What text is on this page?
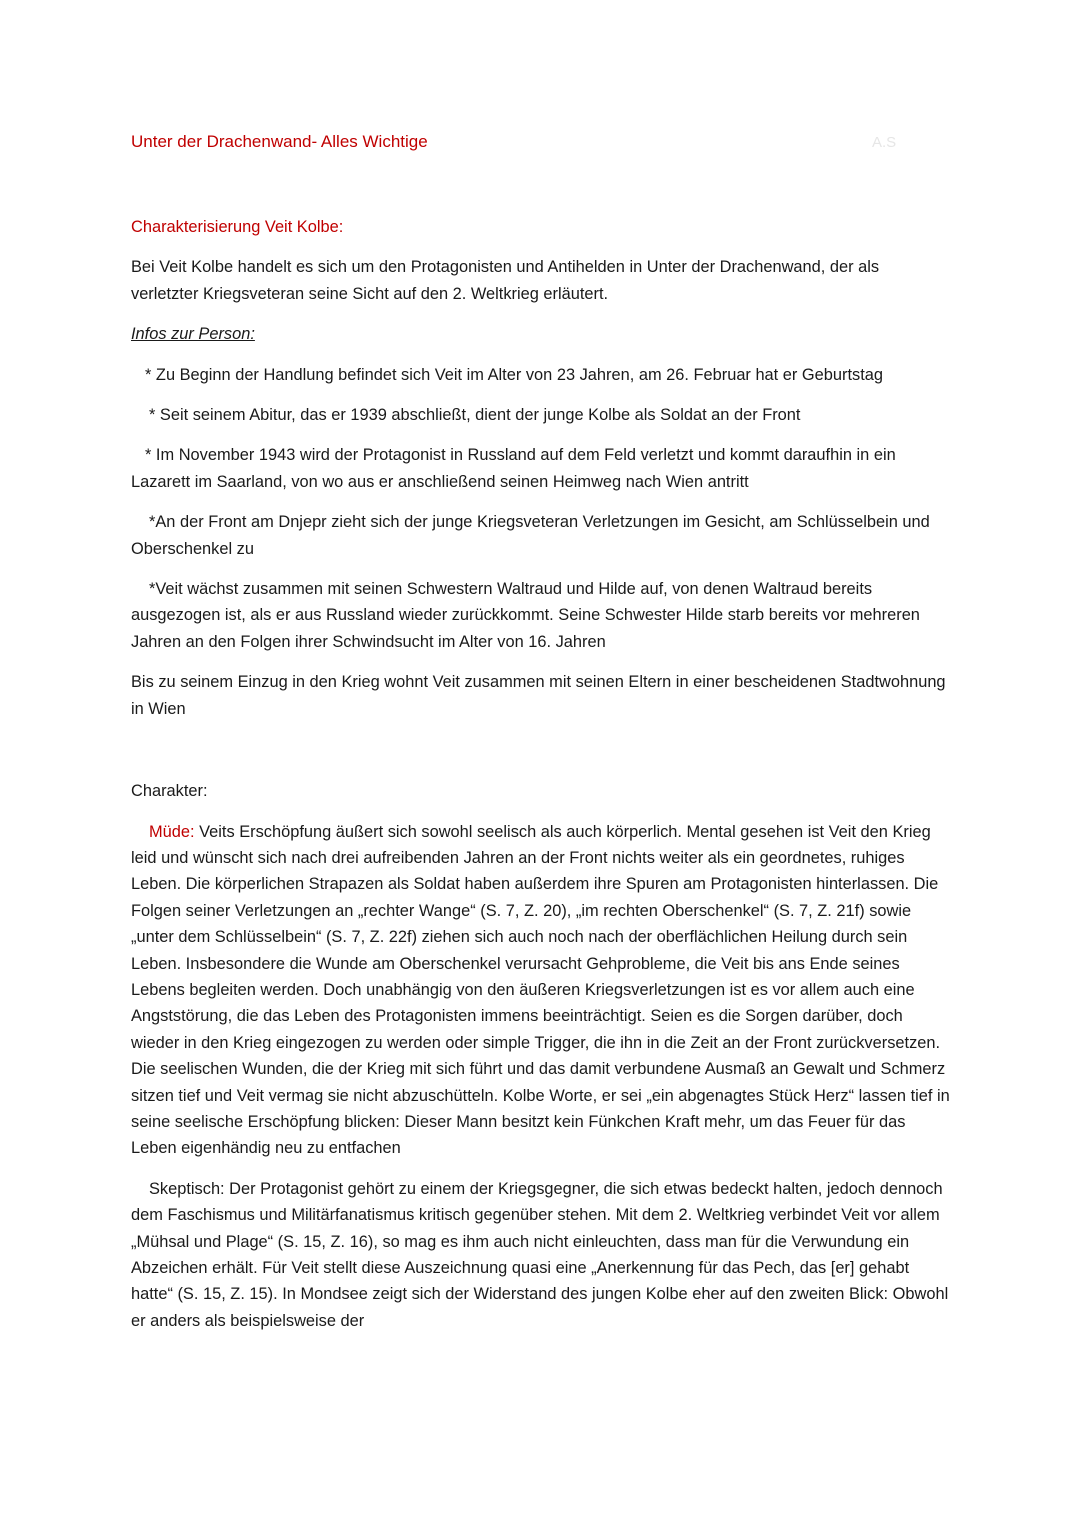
Unter der Drachenwand- Alles Wichtige	A.S

Charakterisierung Veit Kolbe:

Bei Veit Kolbe handelt es sich um den Protagonisten und Antihelden in Unter der Drachenwand, der als verletzter Kriegsveteran seine Sicht auf den 2. Weltkrieg erläutert.

Infos zur Person:

* Zu Beginn der Handlung befindet sich Veit im Alter von 23 Jahren, am 26. Februar hat er Geburtstag

* Seit seinem Abitur, das er 1939 abschließt, dient der junge Kolbe als Soldat an der Front

* Im November 1943 wird der Protagonist in Russland auf dem Feld verletzt und kommt daraufhin in ein Lazarett im Saarland, von wo aus er anschließend seinen Heimweg nach Wien antritt

*An der Front am Dnjepr zieht sich der junge Kriegsveteran Verletzungen im Gesicht, am Schlüsselbein und Oberschenkel zu

*Veit wächst zusammen mit seinen Schwestern Waltraud und Hilde auf, von denen Waltraud bereits ausgezogen ist, als er aus Russland wieder zurückkommt. Seine Schwester Hilde starb bereits vor mehreren Jahren an den Folgen ihrer Schwindsucht im Alter von 16. Jahren

Bis zu seinem Einzug in den Krieg wohnt Veit zusammen mit seinen Eltern in einer bescheidenen Stadtwohnung in Wien

Charakter:

Müde: Veits Erschöpfung äußert sich sowohl seelisch als auch körperlich. Mental gesehen ist Veit den Krieg leid und wünscht sich nach drei aufreibenden Jahren an der Front nichts weiter als ein geordnetes, ruhiges Leben. Die körperlichen Strapazen als Soldat haben außerdem ihre Spuren am Protagonisten hinterlassen. Die Folgen seiner Verletzungen an „rechter Wange“ (S. 7, Z. 20), „im rechten Oberschenkel“ (S. 7, Z. 21f) sowie „unter dem Schlüsselbein“ (S. 7, Z. 22f) ziehen sich auch noch nach der oberflächlichen Heilung durch sein Leben. Insbesondere die Wunde am Oberschenkel verursacht Gehprobleme, die Veit bis ans Ende seines Lebens begleiten werden. Doch unabhängig von den äußeren Kriegsverletzungen ist es vor allem auch eine Angststörung, die das Leben des Protagonisten immens beeinträchtigt. Seien es die Sorgen darüber, doch wieder in den Krieg eingezogen zu werden oder simple Trigger, die ihn in die Zeit an der Front zurückversetzen. Die seelischen Wunden, die der Krieg mit sich führt und das damit verbundene Ausmaß an Gewalt und Schmerz sitzen tief und Veit vermag sie nicht abzuschütteln. Kolbe Worte, er sei „ein abgenagtes Stück Herz“ lassen tief in seine seelische Erschöpfung blicken: Dieser Mann besitzt kein Fünkchen Kraft mehr, um das Feuer für das Leben eigenhändig neu zu entfachen

Skeptisch: Der Protagonist gehört zu einem der Kriegsgegner, die sich etwas bedeckt halten, jedoch dennoch dem Faschismus und Militärfanatismus kritisch gegenüber stehen. Mit dem 2. Weltkrieg verbindet Veit vor allem „Mühsal und Plage“ (S. 15, Z. 16), so mag es ihm auch nicht einleuchten, dass man für die Verwundung ein Abzeichen erhält. Für Veit stellt diese Auszeichnung quasi eine „Anerkennung für das Pech, das [er] gehabt hatte“ (S. 15, Z. 15). In Mondsee zeigt sich der Widerstand des jungen Kolbe eher auf den zweiten Blick: Obwohl er anders als beispielsweise der
